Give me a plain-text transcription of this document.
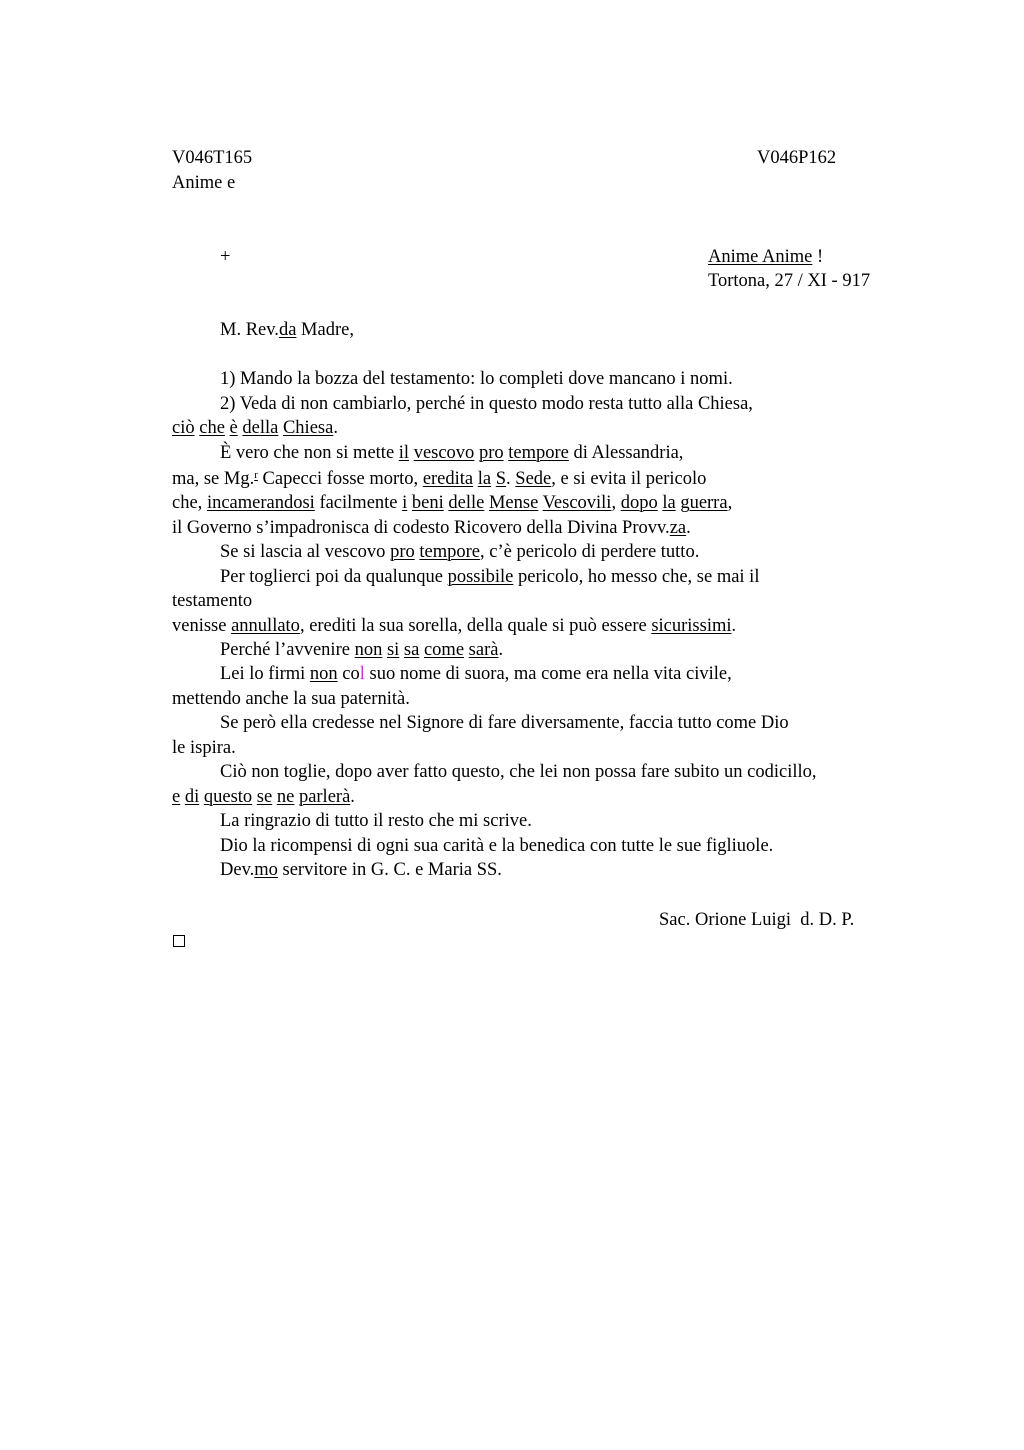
V046T165	V046P162
Anime e
+	Anime Anime !
Tortona, 27 / XI - 917
M. Rev.da Madre,
1) Mando la bozza del testamento: lo completi dove mancano i nomi.
2) Veda di non cambiarlo, perché in questo modo resta tutto alla Chiesa,
ciò che è della Chiesa.
È vero che non si mette il vescovo pro tempore di Alessandria,
ma, se Mg.$^r$ Capecci fosse morto, eredita la S. Sede, e si evita il pericolo
che, incamerandosi facilmente i beni delle Mense Vescovili, dopo la guerra,
il Governo s’impadronisca di codesto Ricovero della Divina Provv.za.
Se si lascia al vescovo pro tempore, c’è pericolo di perdere tutto.
Per toglierci poi da qualunque possibile pericolo, ho messo che, se mai il
testamento
venisse annullato, erediti la sua sorella, della quale si può essere sicurissimi.
Perché l’avvenire non si sa come sarà.
Lei lo firmi non col suo nome di suora, ma come era nella vita civile,
mettendo anche la sua paternità.
Se però ella credesse nel Signore di fare diversamente, faccia tutto come Dio
le ispira.
Ciò non toglie, dopo aver fatto questo, che lei non possa fare subito un codicillo,
e di questo se ne parlerà.
La ringrazio di tutto il resto che mi scrive.
Dio la ricompensi di ogni sua carità e la benedica con tutte le sue figliuole.
Dev.mo servitore in G. C. e Maria SS.
Sac. Orione Luigi  d. D. P.
